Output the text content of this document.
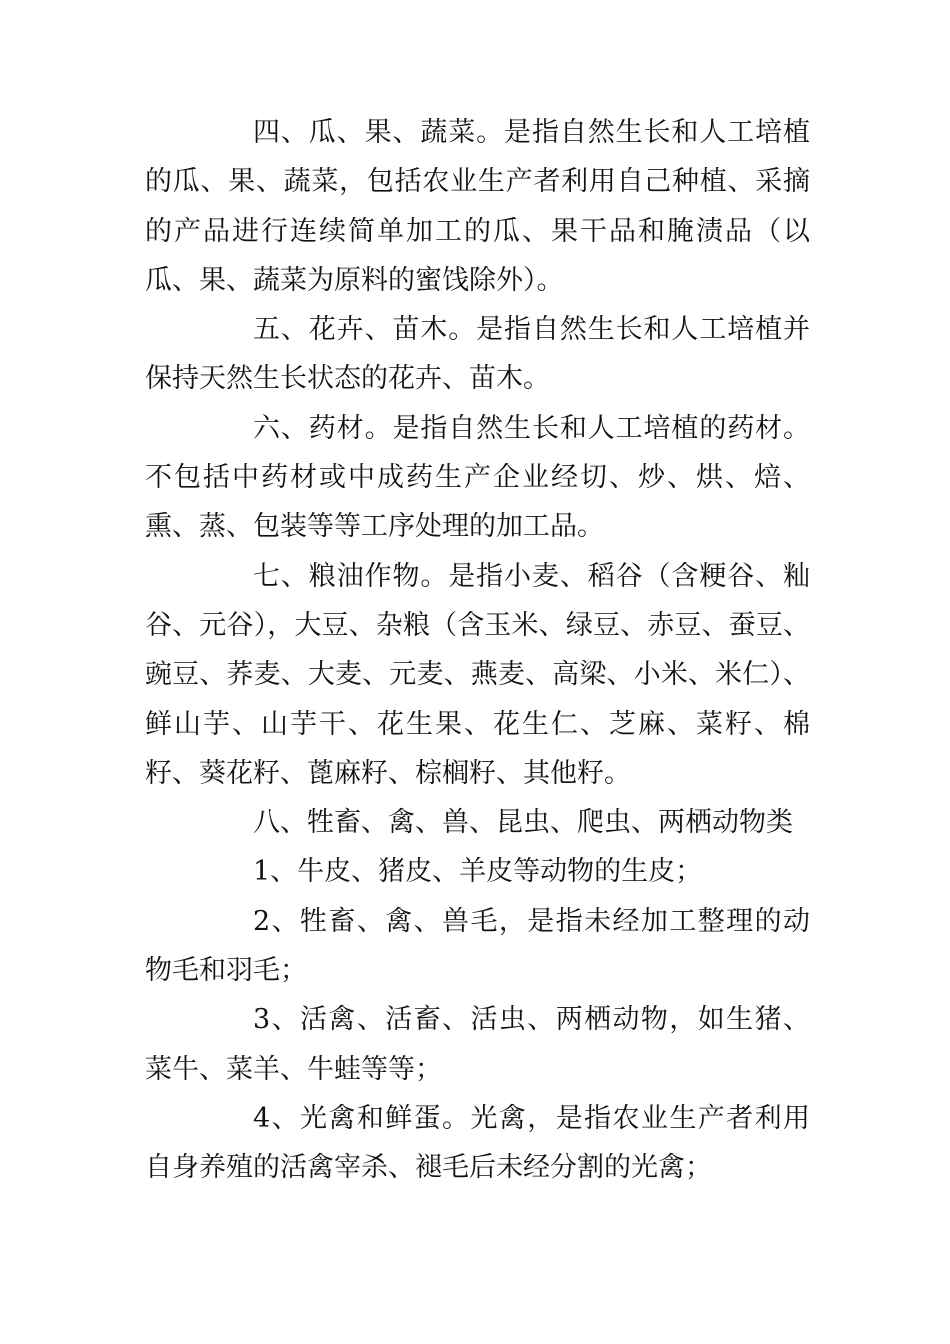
四、瓜、果、蔬菜。是指自然生长和人工培植的瓜、果、蔬菜，包括农业生产者利用自己种植、采摘的产品进行连续简单加工的瓜、果干品和腌渍品（以瓜、果、蔬菜为原料的蜜饯除外）。

五、花卉、苗木。是指自然生长和人工培植并保持天然生长状态的花卉、苗木。

六、药材。是指自然生长和人工培植的药材。不包括中药材或中成药生产企业经切、炒、烘、焙、熏、蒸、包装等等工序处理的加工品。

七、粮油作物。是指小麦、稻谷（含粳谷、籼谷、元谷），大豆、杂粮（含玉米、绿豆、赤豆、蚕豆、豌豆、荞麦、大麦、元麦、燕麦、高梁、小米、米仁）、鲜山芋、山芋干、花生果、花生仁、芝麻、菜籽、棉籽、葵花籽、蓖麻籽、棕榈籽、其他籽。

八、牲畜、禽、兽、昆虫、爬虫、两栖动物类

1、牛皮、猪皮、羊皮等动物的生皮；

2、牲畜、禽、兽毛，是指未经加工整理的动物毛和羽毛；

3、活禽、活畜、活虫、两栖动物，如生猪、菜牛、菜羊、牛蛙等等；

4、光禽和鲜蛋。光禽，是指农业生产者利用自身养殖的活禽宰杀、褪毛后未经分割的光禽；
